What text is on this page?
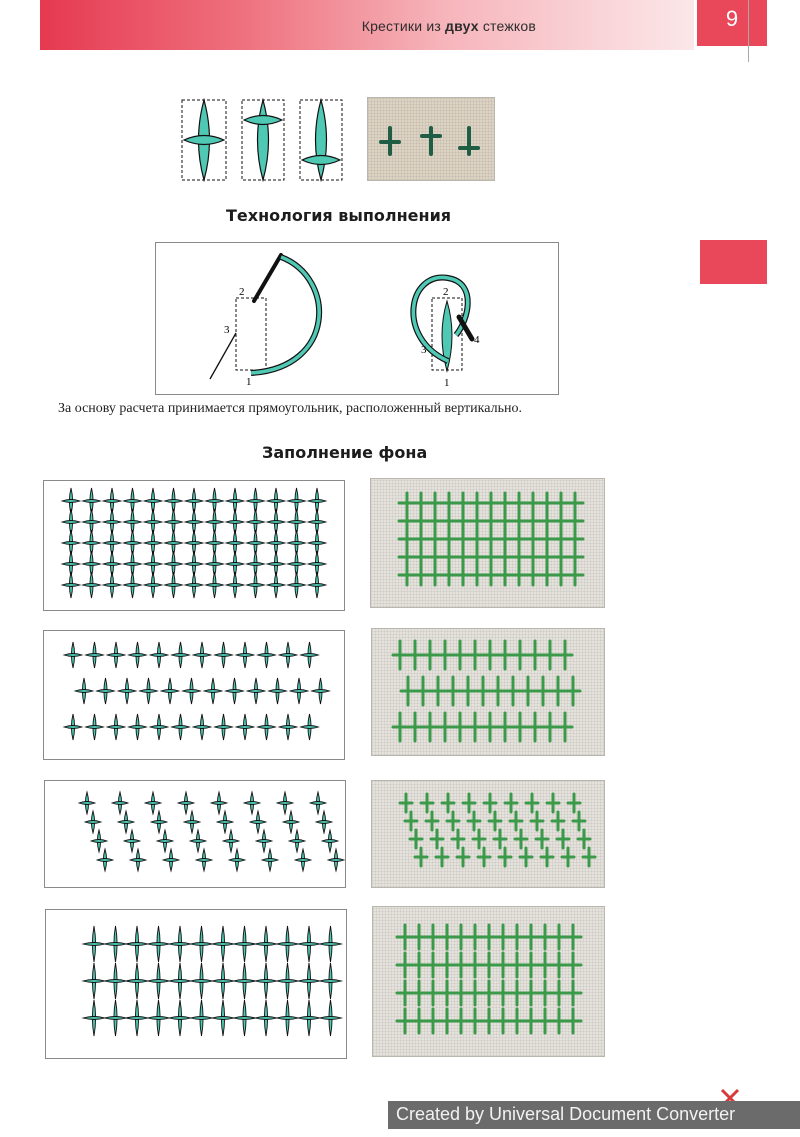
Крестики из двух стежков	9
Технология выполнения
2
3
1
2
3
4
1
За основу расчета принимается прямоугольник, расположенный вертикально.
Заполнение фона
Created by Universal Document Converter
